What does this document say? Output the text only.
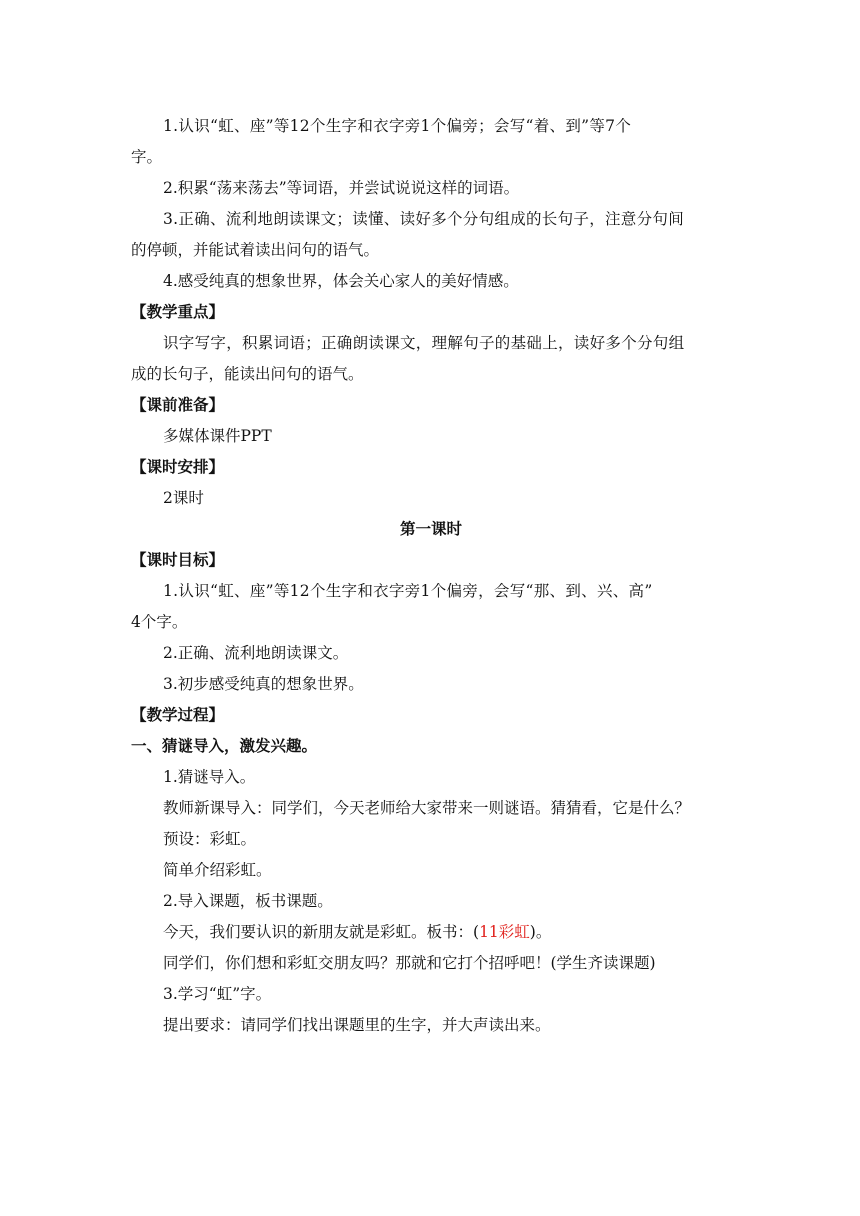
1.认识“虹、座”等12个生字和衣字旁1个偏旁；会写“着、到”等7个
字。
2.积累“荡来荡去”等词语，并尝试说说这样的词语。
3.正确、流利地朗读课文；读懂、读好多个分句组成的长句子，注意分句间
的停顿，并能试着读出问句的语气。
4.感受纯真的想象世界，体会关心家人的美好情感。
【教学重点】
识字写字，积累词语；正确朗读课文，理解句子的基础上，读好多个分句组
成的长句子，能读出问句的语气。
【课前准备】
多媒体课件PPT
【课时安排】
2课时
第一课时
【课时目标】
1.认识“虹、座”等12个生字和衣字旁1个偏旁，会写“那、到、兴、高”
4个字。
2.正确、流利地朗读课文。
3.初步感受纯真的想象世界。
【教学过程】
一、猜谜导入，激发兴趣。
1.猜谜导入。
教师新课导入：同学们，今天老师给大家带来一则谜语。猜猜看，它是什么？
预设：彩虹。
简单介绍彩虹。
2.导入课题，板书课题。
今天，我们要认识的新朋友就是彩虹。板书：(11彩虹)。
同学们，你们想和彩虹交朋友吗？那就和它打个招呼吧！(学生齐读课题)
3.学习“虹”字。
提出要求：请同学们找出课题里的生字，并大声读出来。
